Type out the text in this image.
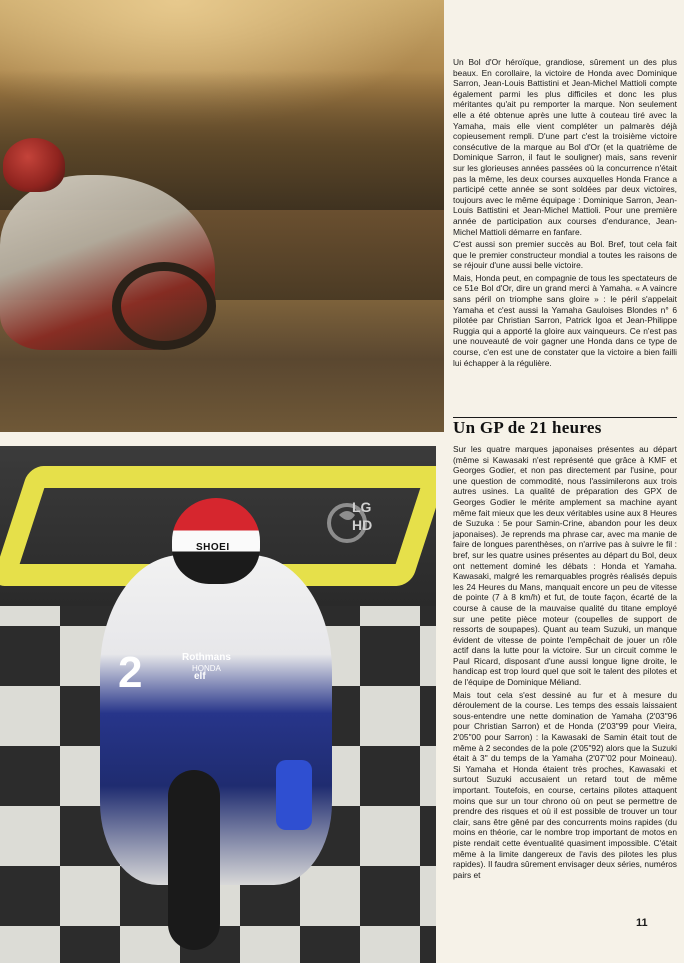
Un Bol d'Or héroïque, grandiose, sûrement un des plus beaux. En corollaire, la victoire de Honda avec Dominique Sarron, Jean-Louis Battistini et Jean-Michel Mattioli compte également parmi les plus difficiles et donc les plus méritantes qu'ait pu remporter la marque. Non seulement elle a été obtenue après une lutte à couteau tiré avec la Yamaha, mais elle vient compléter un palmarès déjà copieusement rempli. D'une part c'est la troisième victoire consécutive de la marque au Bol d'Or (et la quatrième de Dominique Sarron, il faut le souligner) mais, sans revenir sur les glorieuses années passées où la concurrence n'était pas la même, les deux courses auxquelles Honda France a participé cette année se sont soldées par deux victoires, toujours avec le même équipage : Dominique Sarron, Jean-Louis Battistini et Jean-Michel Mattioli. Pour une première année de participation aux courses d'endurance, Jean-Michel Mattioli démarre en fanfare.

C'est aussi son premier succès au Bol. Bref, tout cela fait que le premier constructeur mondial a toutes les raisons de se réjouir d'une aussi belle victoire.

Mais, Honda peut, en compagnie de tous les spectateurs de ce 51e Bol d'Or, dire un grand merci à Yamaha. « A vaincre sans péril on triomphe sans gloire » : le péril s'appelait Yamaha et c'est aussi la Yamaha Gauloises Blondes n° 6 pilotée par Christian Sarron, Patrick Igoa et Jean-Philippe Ruggia qui a apporté la gloire aux vainqueurs. Ce n'est pas une nouveauté de voir gagner une Honda dans ce type de course, c'en est une de constater que la victoire a bien failli lui échapper à la régulière.

Un GP de 21 heures
SHOEI
2	Rothmans
HONDA
elf
LG
HD

Sur les quatre marques japonaises présentes au départ (même si Kawasaki n'est représenté que grâce à KMF et Georges Godier, et non pas directement par l'usine, pour une question de commodité, nous l'assimilerons aux trois autres usines. La qualité de préparation des GPX de Georges Godier le mérite amplement sa machine ayant même fait mieux que les deux véritables usine aux 8 Heures de Suzuka : 5e pour Samin-Crine, abandon pour les deux japonaises). Je reprends ma phrase car, avec ma manie de faire de longues parenthèses, on n'arrive pas à suivre le fil : bref, sur les quatre usines présentes au départ du Bol, deux ont nettement dominé les débats : Honda et Yamaha. Kawasaki, malgré les remarquables progrès réalisés depuis les 24 Heures du Mans, manquait encore un peu de vitesse de pointe (7 à 8 km/h) et fut, de toute façon, écarté de la course à cause de la mauvaise qualité du titane employé sur une petite pièce moteur (coupelles de support de ressorts de soupapes). Quant au team Suzuki, un manque évident de vitesse de pointe l'empêchait de jouer un rôle actif dans la lutte pour la victoire. Sur un circuit comme le Paul Ricard, disposant d'une aussi longue ligne droite, le handicap est trop lourd quel que soit le talent des pilotes et de l'équipe de Dominique Méliand.

Mais tout cela s'est dessiné au fur et à mesure du déroulement de la course. Les temps des essais laissaient sous-entendre une nette domination de Yamaha (2'03"96 pour Christian Sarron) et de Honda (2'03"99 pour Vieira, 2'05"00 pour Sarron) : la Kawasaki de Samin était tout de même à 2 secondes de la pole (2'05"92) alors que la Suzuki était à 3" du temps de la Yamaha (2'07"02 pour Moineau). Si Yamaha et Honda étaient très proches, Kawasaki et surtout Suzuki accusaient un retard tout de même important. Toutefois, en course, certains pilotes attaquent moins que sur un tour chrono où on peut se permettre de prendre des risques et où il est possible de trouver un tour clair, sans être gêné par des concurrents moins rapides (du moins en théorie, car le nombre trop important de motos en piste rendait cette éventualité quasiment impossible. C'était même à la limite dangereux de l'avis des pilotes les plus rapides). Il faudra sûrement envisager deux séries, numéros pairs et

11
